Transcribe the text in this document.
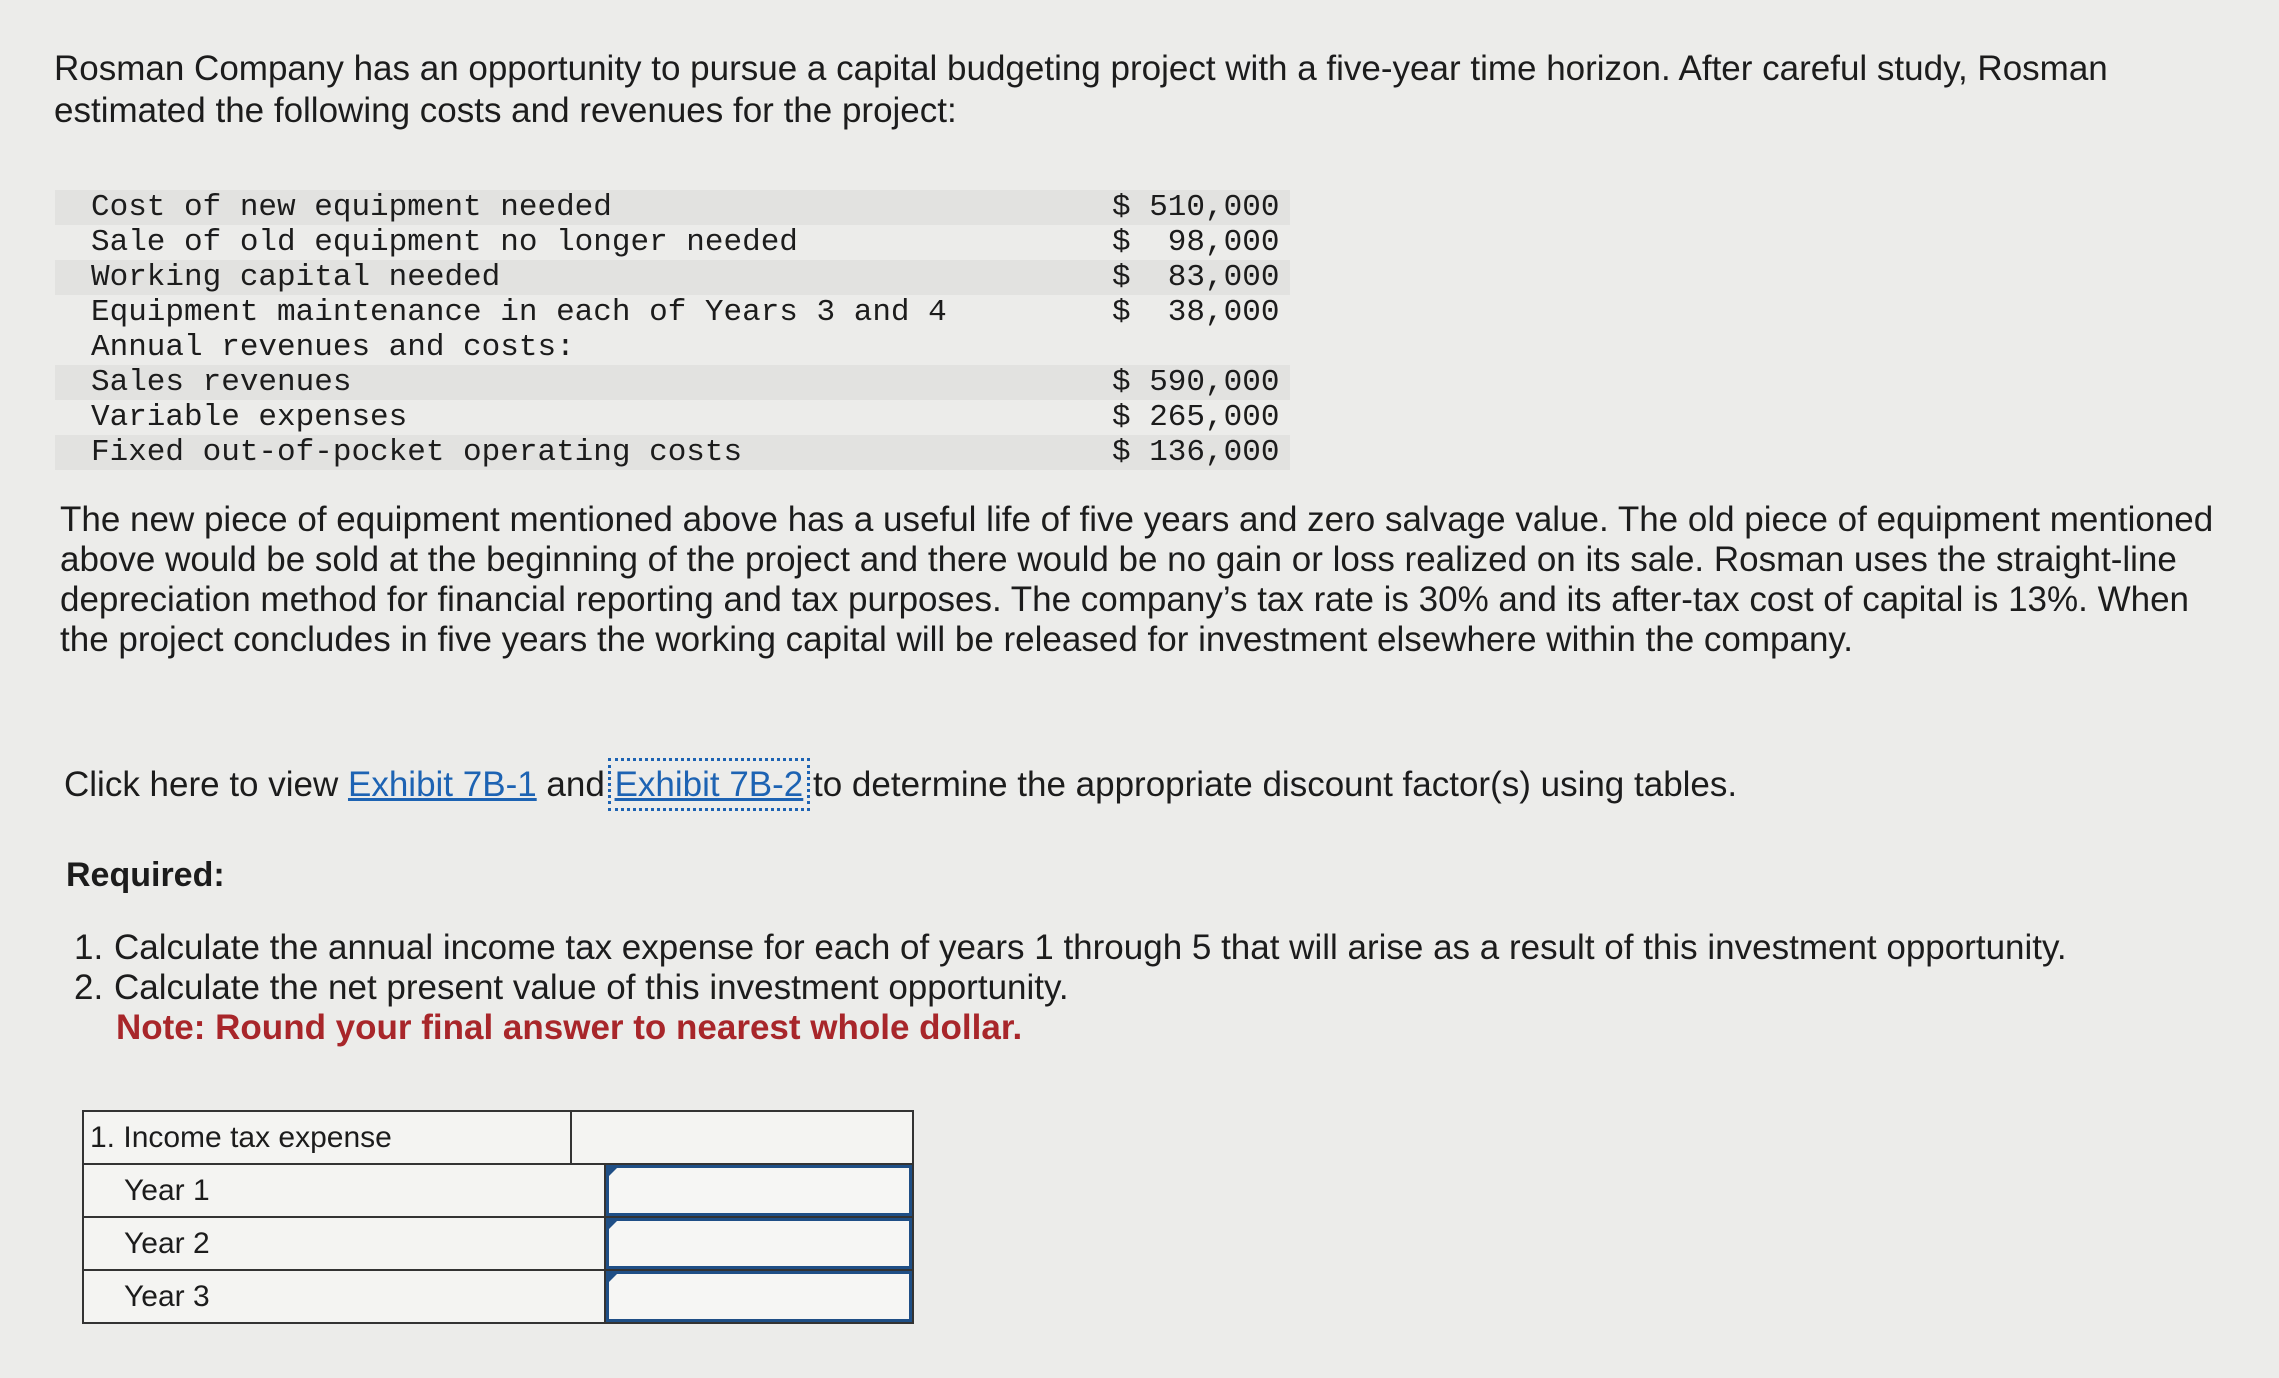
Rosman Company has an opportunity to pursue a capital budgeting project with a five-year time horizon. After careful study, Rosman estimated the following costs and revenues for the project:
Cost of new equipment needed	$ 510,000
Sale of old equipment no longer needed	$  98,000
Working capital needed	$  83,000
Equipment maintenance in each of Years 3 and 4	$  38,000
Annual revenues and costs:
Sales revenues	$ 590,000
Variable expenses	$ 265,000
Fixed out-of-pocket operating costs	$ 136,000
The new piece of equipment mentioned above has a useful life of five years and zero salvage value. The old piece of equipment mentioned above would be sold at the beginning of the project and there would be no gain or loss realized on its sale. Rosman uses the straight-line depreciation method for financial reporting and tax purposes. The company’s tax rate is 30% and its after-tax cost of capital is 13%. When the project concludes in five years the working capital will be released for investment elsewhere within the company.
Click here to view Exhibit 7B-1 and Exhibit 7B-2 to determine the appropriate discount factor(s) using tables.
Required:
1. Calculate the annual income tax expense for each of years 1 through 5 that will arise as a result of this investment opportunity.
2. Calculate the net present value of this investment opportunity.
Note: Round your final answer to nearest whole dollar.
1. Income tax expense
Year 1
Year 2
Year 3
